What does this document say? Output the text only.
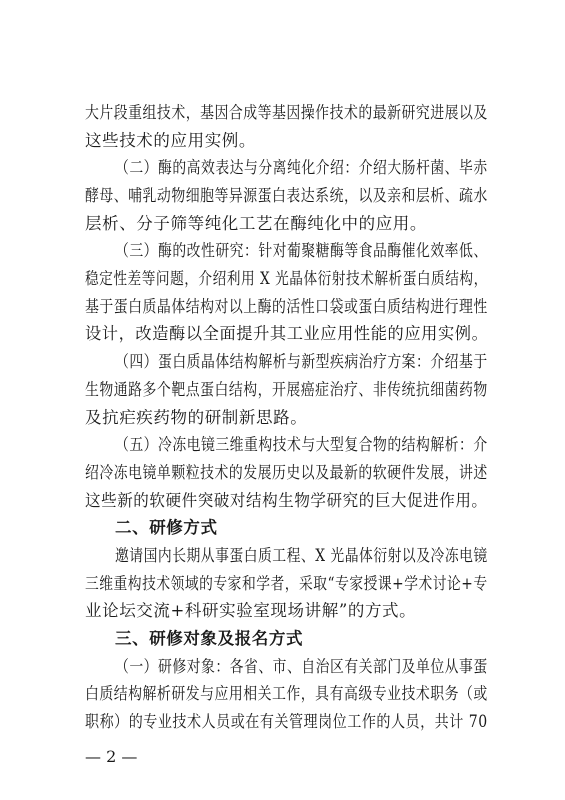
大片段重组技术，基因合成等基因操作技术的最新研究进展以及
这些技术的应用实例。
（二）酶的高效表达与分离纯化介绍：介绍大肠杆菌、毕赤
酵母、哺乳动物细胞等异源蛋白表达系统，以及亲和层析、疏水
层析、分子筛等纯化工艺在酶纯化中的应用。
（三）酶的改性研究：针对葡聚糖酶等食品酶催化效率低、
稳定性差等问题，介绍利用 X 光晶体衍射技术解析蛋白质结构，
基于蛋白质晶体结构对以上酶的活性口袋或蛋白质结构进行理性
设计，改造酶以全面提升其工业应用性能的应用实例。
（四）蛋白质晶体结构解析与新型疾病治疗方案：介绍基于
生物通路多个靶点蛋白结构，开展癌症治疗、非传统抗细菌药物
及抗疟疾药物的研制新思路。
（五）冷冻电镜三维重构技术与大型复合物的结构解析：介
绍冷冻电镜单颗粒技术的发展历史以及最新的软硬件发展，讲述
这些新的软硬件突破对结构生物学研究的巨大促进作用。
二、研修方式
邀请国内长期从事蛋白质工程、X 光晶体衍射以及冷冻电镜
三维重构技术领域的专家和学者，采取“专家授课+学术讨论+专
业论坛交流+科研实验室现场讲解”的方式。
三、研修对象及报名方式
（一）研修对象：各省、市、自治区有关部门及单位从事蛋
白质结构解析研发与应用相关工作，具有高级专业技术职务（或
职称）的专业技术人员或在有关管理岗位工作的人员，共计 70
— 2 —
